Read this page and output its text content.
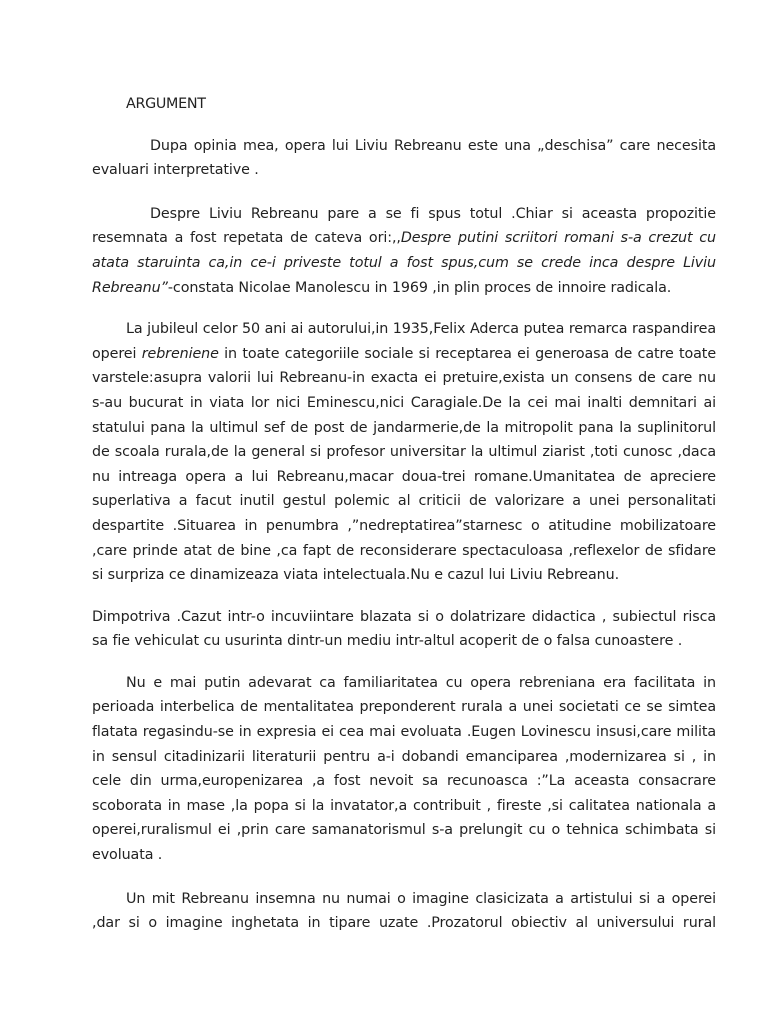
ARGUMENT
Dupa opinia mea, opera lui Liviu Rebreanu este una „deschisa” care necesita
evaluari interpretative .
Despre Liviu Rebreanu pare a se fi spus totul .Chiar si aceasta propozitie
resemnata a fost repetata de cateva ori:,,Despre putini scriitori romani s-a crezut cu
atata staruinta ca,in ce-i priveste totul a fost spus,cum se crede inca despre Liviu
Rebreanu”-constata Nicolae Manolescu in 1969 ,in plin proces de innoire radicala.
La jubileul celor 50 ani ai autorului,in 1935,Felix Aderca putea remarca raspandirea
operei rebreniene in toate categoriile sociale si receptarea ei generoasa de catre toate
varstele:asupra valorii lui Rebreanu-in exacta ei pretuire,exista un consens de care nu
s-au bucurat in viata lor nici Eminescu,nici Caragiale.De la cei mai inalti demnitari ai
statului pana la ultimul sef de post de jandarmerie,de la mitropolit pana la suplinitorul
de scoala rurala,de la general si profesor universitar la ultimul ziarist ,toti cunosc ,daca
nu intreaga opera a lui Rebreanu,macar doua-trei romane.Umanitatea de apreciere
superlativa a facut inutil gestul polemic al criticii de valorizare a unei personalitati
despartite .Situarea in penumbra ,”nedreptatirea”starnesc o atitudine mobilizatoare
,care prinde atat de bine ,ca fapt de reconsiderare spectaculoasa ,reflexelor de sfidare
si surpriza ce dinamizeaza viata intelectuala.Nu e cazul lui Liviu Rebreanu.
Dimpotriva .Cazut intr-o incuviintare blazata si o dolatrizare didactica , subiectul risca
sa fie vehiculat cu usurinta dintr-un mediu intr-altul acoperit de o falsa cunoastere .
Nu e mai putin adevarat ca familiaritatea cu opera rebreniana era facilitata in
perioada interbelica de mentalitatea preponderent rurala a unei societati ce se simtea
flatata regasindu-se in expresia ei cea mai evoluata .Eugen Lovinescu insusi,care milita
in sensul citadinizarii literaturii pentru a-i dobandi emanciparea ,modernizarea si , in
cele din urma,europenizarea ,a fost nevoit sa recunoasca :”La aceasta consacrare
scoborata in mase ,la popa si la invatator,a contribuit , fireste ,si calitatea nationala a
operei,ruralismul ei ,prin care samanatorismul s-a prelungit cu o tehnica schimbata si
evoluata .
Un mit Rebreanu insemna nu numai o imagine clasicizata a artistului si a operei
,dar si o imagine inghetata in tipare uzate .Prozatorul obiectiv al universului rural
